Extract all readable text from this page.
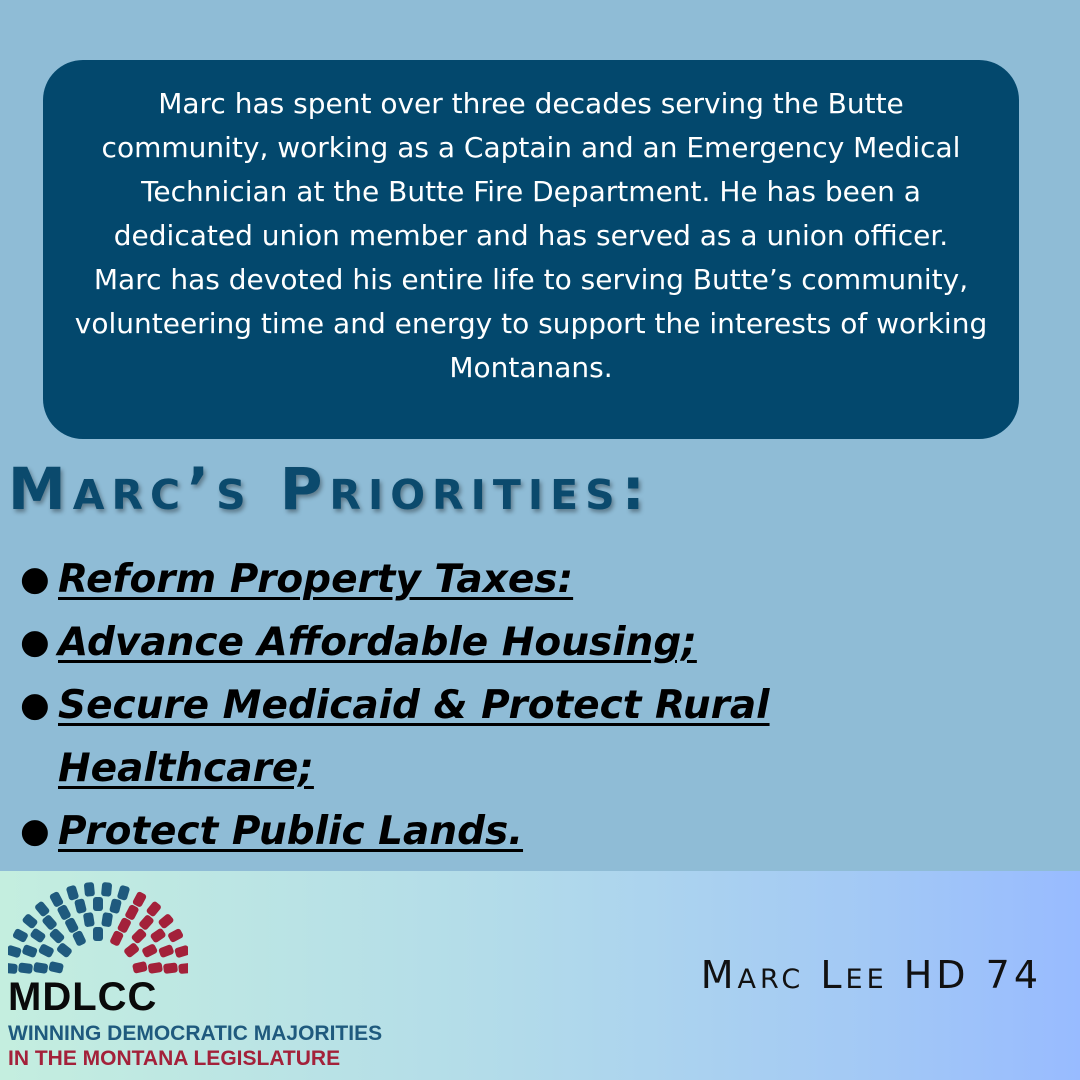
Marc has spent over three decades serving the Butte community, working as a Captain and an Emergency Medical Technician at the Butte Fire Department. He has been a dedicated union member and has served as a union officer.

Marc has devoted his entire life to serving Butte’s community, volunteering time and energy to support the interests of working Montanans.

Marc’s Priorities:
● Reform Property Taxes:
● Advance Affordable Housing;
● Secure Medicaid & Protect Rural Healthcare;
● Protect Public Lands.
MDLCC
WINNING DEMOCRATIC MAJORITIES
IN THE MONTANA LEGISLATURE
Marc Lee HD 74
